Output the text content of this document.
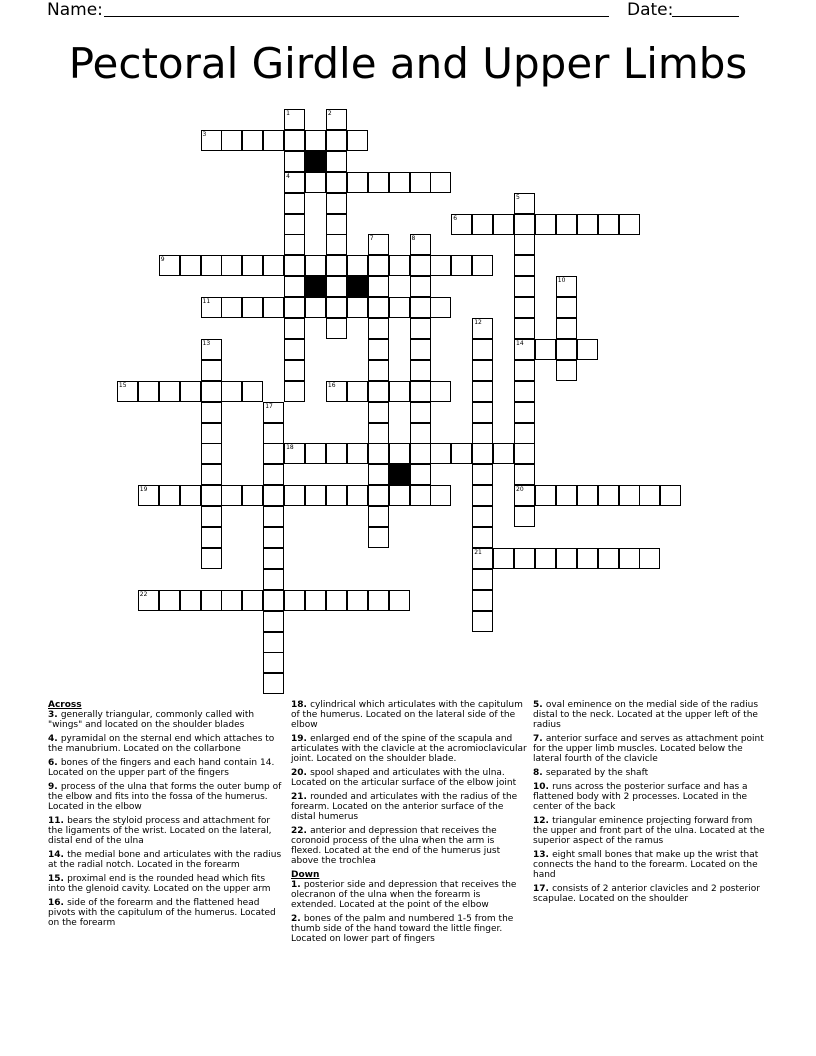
Name:	Date:
Pectoral Girdle and Upper Limbs
1
4
2
3
5
14
20
6
7	8
9
10
11
12
21
13
15	16
17
18
19
22
Across
3. generally triangular, commonly called with "wings" and located on the shoulder blades
4. pyramidal on the sternal end which attaches to the manubrium. Located on the collarbone
6. bones of the fingers and each hand contain 14. Located on the upper part of the fingers
9. process of the ulna that forms the outer bump of the elbow and fits into the fossa of the humerus. Located in the elbow
11. bears the styloid process and attachment for the ligaments of the wrist. Located on the lateral, distal end of the ulna
14. the medial bone and articulates with the radius at the radial notch. Located in the forearm
15. proximal end is the rounded head which fits into the glenoid cavity. Located on the upper arm
16. side of the forearm and the flattened head pivots with the capitulum of the humerus. Located on the forearm
18. cylindrical which articulates with the capitulum of the humerus. Located on the lateral side of the elbow
19. enlarged end of the spine of the scapula and articulates with the clavicle at the acromioclavicular joint. Located on the shoulder blade.
20. spool shaped and articulates with the ulna. Located on the articular surface of the elbow joint
21. rounded and articulates with the radius of the forearm. Located on the anterior surface of the distal humerus
22. anterior and depression that receives the coronoid process of the ulna when the arm is flexed. Located at the end of the humerus just above the trochlea
Down
1. posterior side and depression that receives the olecranon of the ulna when the forearm is extended. Located at the point of the elbow
2. bones of the palm and numbered 1-5 from the thumb side of the hand toward the little finger. Located on lower part of fingers
5. oval eminence on the medial side of the radius distal to the neck. Located at the upper left of the radius
7. anterior surface and serves as attachment point for the upper limb muscles. Located below the lateral fourth of the clavicle
8. separated by the shaft
10. runs across the posterior surface and has a flattened body with 2 processes. Located in the center of the back
12. triangular eminence projecting forward from the upper and front part of the ulna. Located at the superior aspect of the ramus
13. eight small bones that make up the wrist that connects the hand to the forearm. Located on the hand
17. consists of 2 anterior clavicles and 2 posterior scapulae. Located on the shoulder
